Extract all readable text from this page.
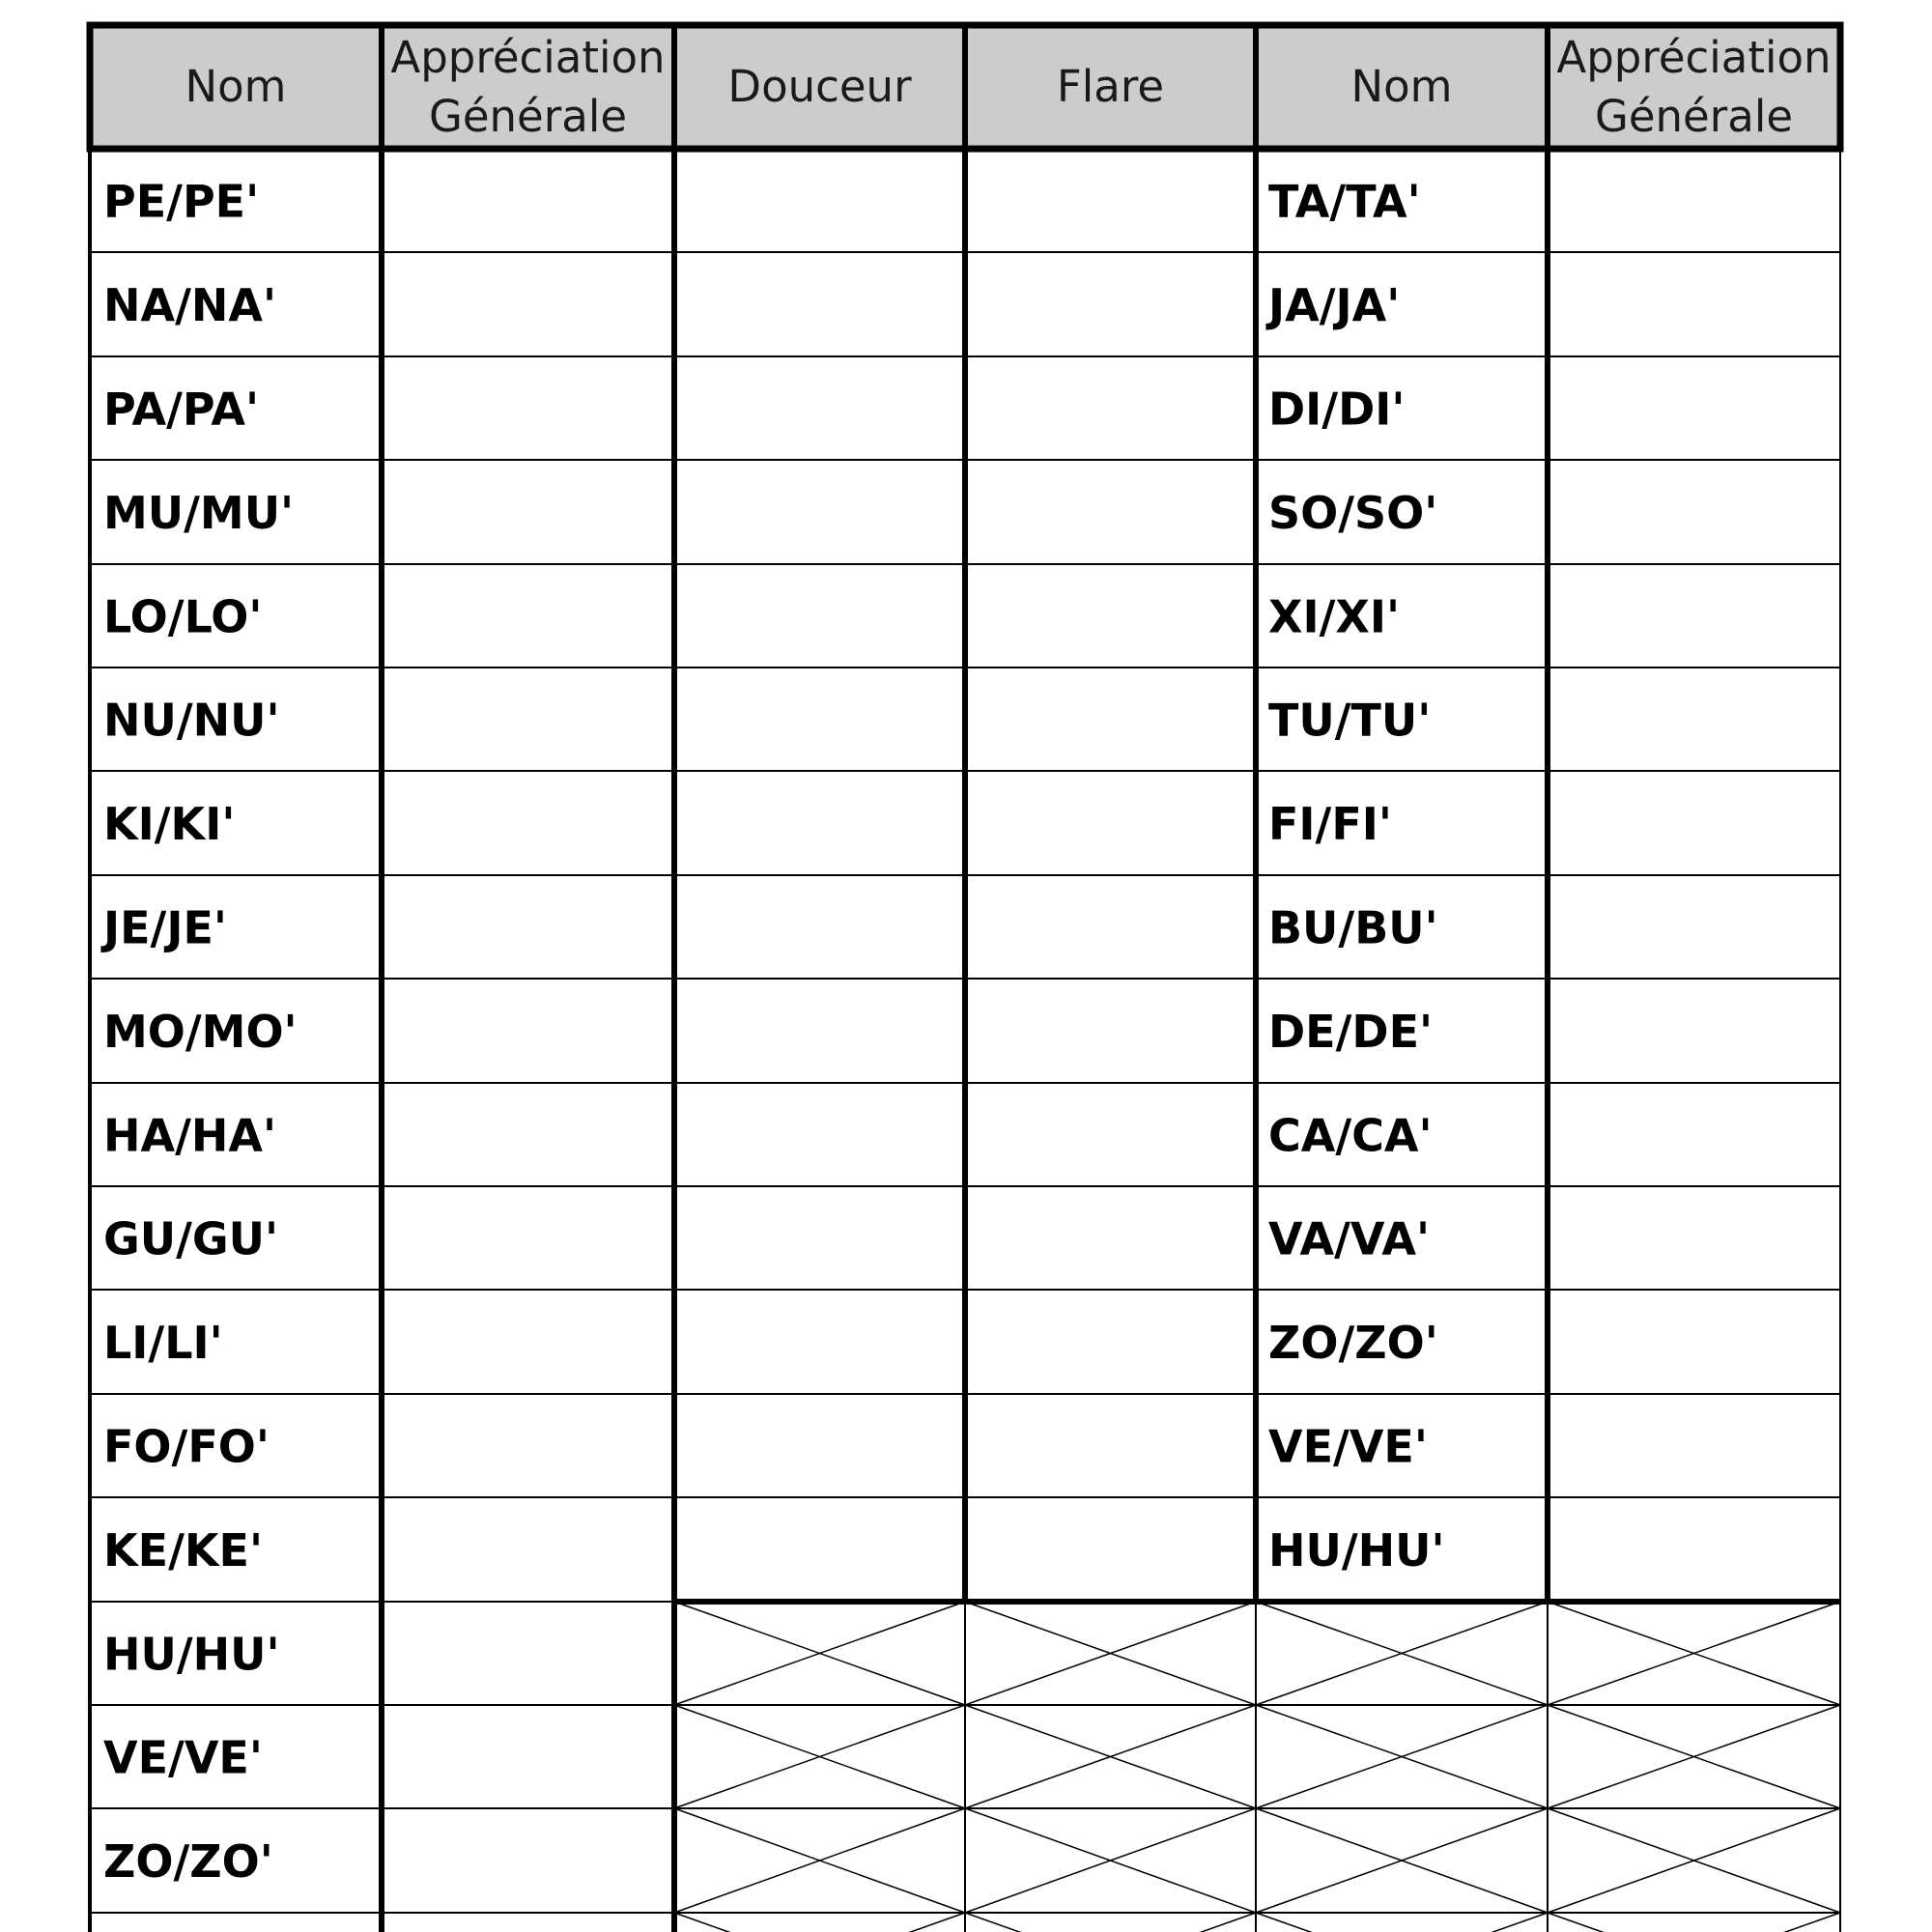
Nom
Appréciation
Générale
Douceur	Flare	Nom
Appréciation
Générale
PE/PE'
NA/NA'
PA/PA'
MU/MU'
LO/LO'
NU/NU'
KI/KI'
JE/JE'
MO/MO'
HA/HA'
GU/GU'
LI/LI'
FO/FO'
KE/KE'
HU/HU'
VE/VE'
ZO/ZO'
TA/TA'
JA/JA'
DI/DI'
SO/SO'
XI/XI'
TU/TU'
FI/FI'
BU/BU'
DE/DE'
CA/CA'
VA/VA'
ZO/ZO'
VE/VE'
HU/HU'
